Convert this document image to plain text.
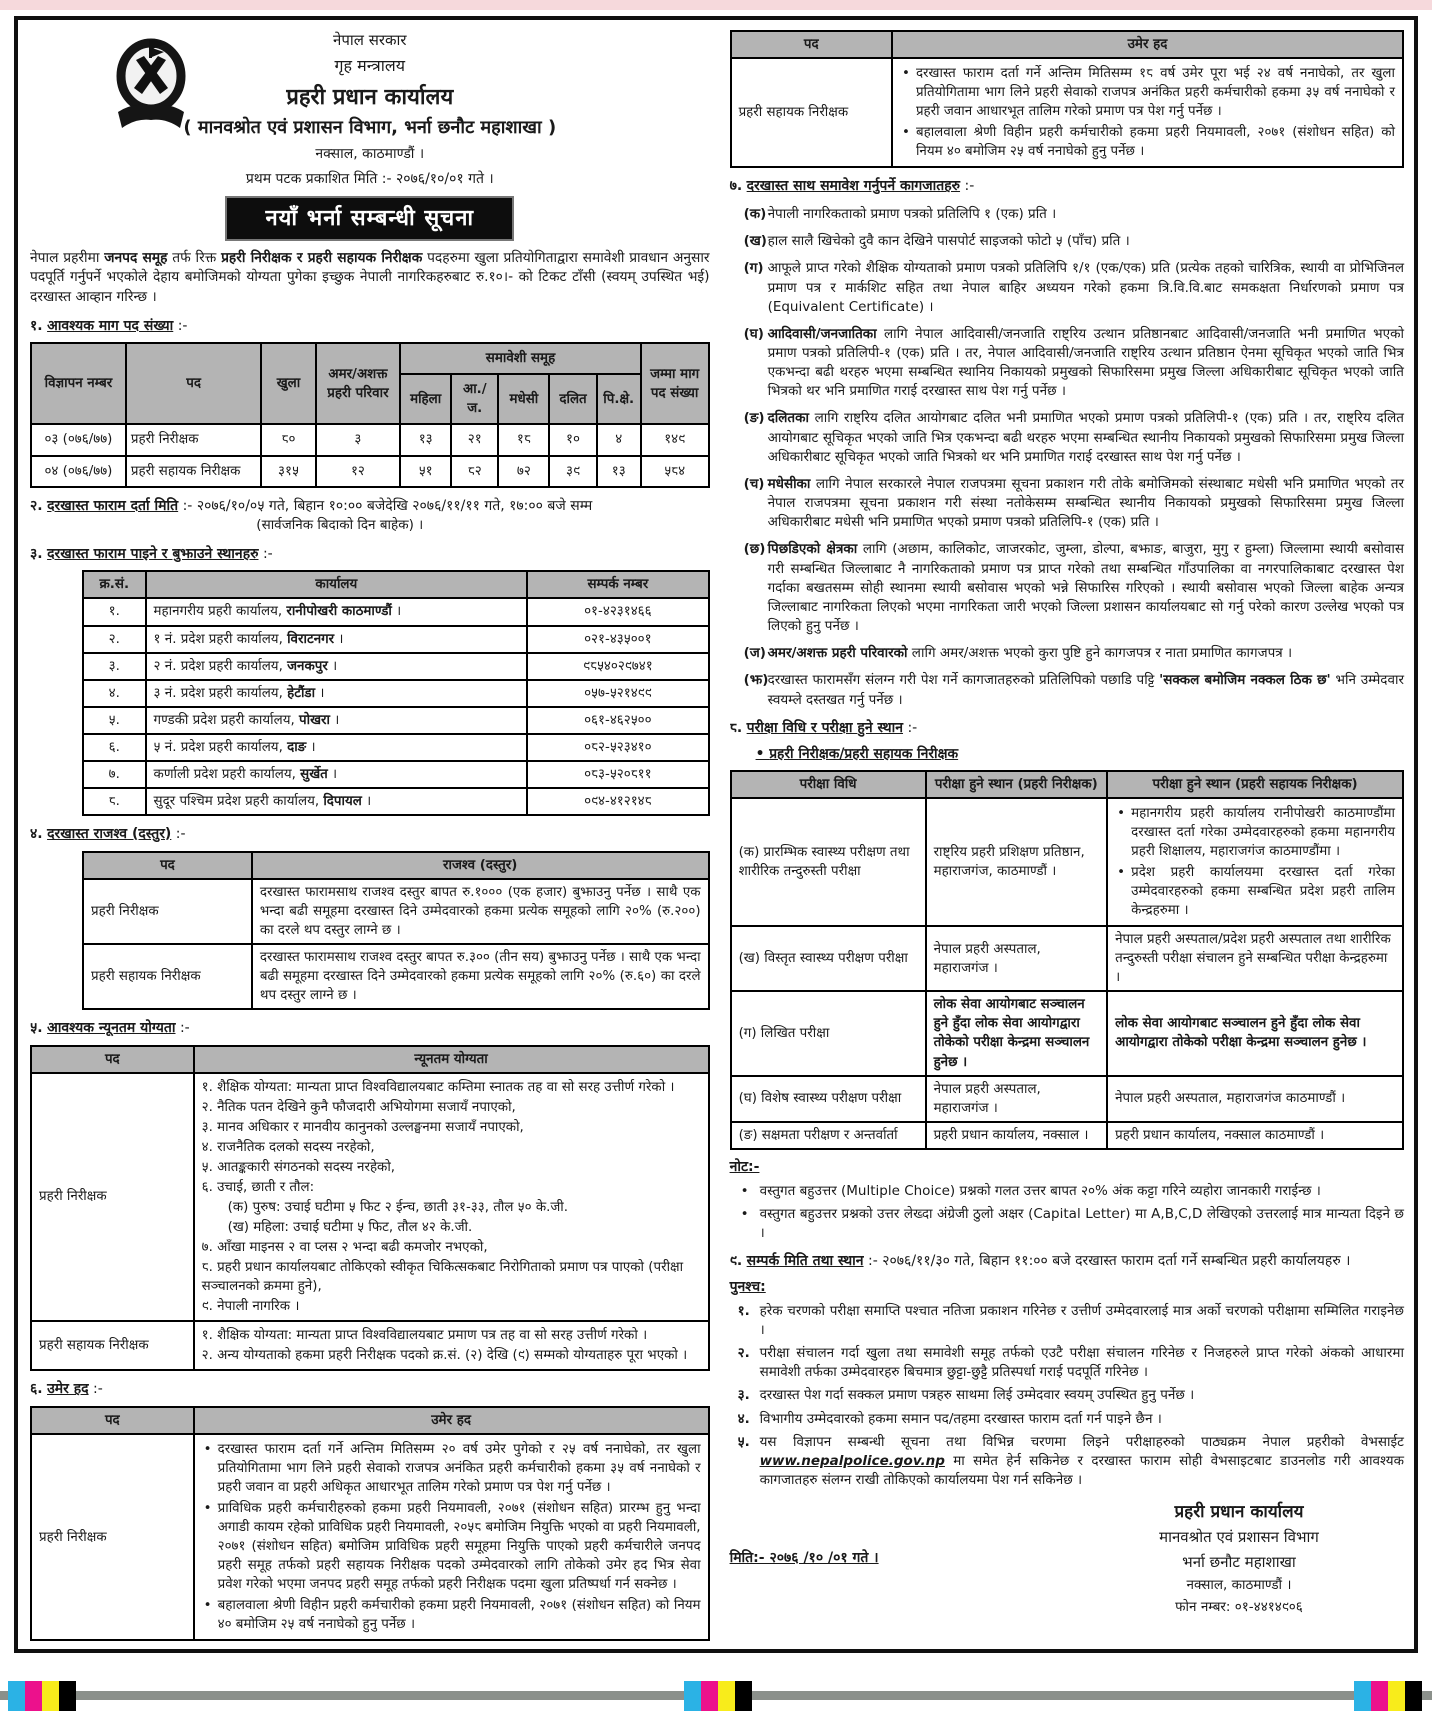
नेपाल सरकार
गृह मन्त्रालय
प्रहरी प्रधान कार्यालय
( मानवश्रोत एवं प्रशासन विभाग, भर्ना छनौट महाशाखा )
नक्साल, काठमाण्डौं ।
प्रथम पटक प्रकाशित मिति :- २०७६/१०/०१ गते ।
नयाँ भर्ना सम्बन्धी सूचना

नेपाल प्रहरीमा जनपद समूह तर्फ रिक्त प्रहरी निरीक्षक र प्रहरी सहायक निरीक्षक पदहरुमा खुला प्रतियोगिताद्वारा समावेशी प्रावधान अनुसार पदपूर्ति गर्नुपर्ने भएकोले देहाय बमोजिमको योग्यता पुगेका इच्छुक नेपाली नागरिकहरुबाट रु.१०।- को टिकट टाँसी (स्वयम् उपस्थित भई) दरखास्त आव्हान गरिन्छ ।

१. आवश्यक माग पद संख्या :-
विज्ञापन नम्बर	पद	खुला	अमर/अशक्त प्रहरी परिवार	समावेशी समूह					जम्मा माग पद संख्या
				महिला	आ./ज.	मधेसी	दलित	पि.क्षे.	
०३ (०७६/७७)	प्रहरी निरीक्षक	८०	३	१३	२१	१८	१०	४	१४९
०४ (०७६/७७)	प्रहरी सहायक निरीक्षक	३१५	१२	५१	८२	७२	३९	१३	५८४
२. दरखास्त फाराम दर्ता मिति :- २०७६/१०/०५ गते, बिहान १०:०० बजेदेखि २०७६/११/११ गते, १७:०० बजे सम्म
(सार्वजनिक बिदाको दिन बाहेक) ।
३. दरखास्त फाराम पाइने र बुझाउने स्थानहरु :-
क्र.सं.	कार्यालय	सम्पर्क नम्बर
१.	महानगरीय प्रहरी कार्यालय, रानीपोखरी काठमाण्डौं ।	०१-४२३१४६६
२.	१ नं. प्रदेश प्रहरी कार्यालय, विराटनगर ।	०२१-४३५००१
३.	२ नं. प्रदेश प्रहरी कार्यालय, जनकपुर ।	९८५४०२९७४१
४.	३ नं. प्रदेश प्रहरी कार्यालय, हेटौंडा ।	०५७-५२१४९९
५.	गण्डकी प्रदेश प्रहरी कार्यालय, पोखरा ।	०६१-४६२५००
६.	५ नं. प्रदेश प्रहरी कार्यालय, दाङ ।	०८२-५२३४१०
७.	कर्णाली प्रदेश प्रहरी कार्यालय, सुर्खेत ।	०८३-५२०८११
८.	सुदूर पश्चिम प्रदेश प्रहरी कार्यालय, दिपायल ।	०९४-४१२१४८
४. दरखास्त राजश्व (दस्तुर) :-
पद	राजश्व (दस्तुर)
प्रहरी निरीक्षक	दरखास्त फारामसाथ राजश्व दस्तुर बापत रु.१००० (एक हजार) बुझाउनु पर्नेछ । साथै एक भन्दा बढी समूहमा दरखास्त दिने उम्मेदवारको हकमा प्रत्येक समूहको लागि २०% (रु.२००) का दरले थप दस्तुर लाग्ने छ ।
प्रहरी सहायक निरीक्षक	दरखास्त फारामसाथ राजश्व दस्तुर बापत रु.३०० (तीन सय) बुझाउनु पर्नेछ । साथै एक भन्दा बढी समूहमा दरखास्त दिने उम्मेदवारको हकमा प्रत्येक समूहको लागि २०% (रु.६०) का दरले थप दस्तुर लाग्ने छ ।
५. आवश्यक न्यूनतम योग्यता :-
पद	न्यूनतम योग्यता
प्रहरी निरीक्षक	
१. शैक्षिक योग्यता: मान्यता प्राप्त विश्वविद्यालयबाट कम्तिमा स्नातक तह वा सो सरह उत्तीर्ण गरेको ।
२. नैतिक पतन देखिने कुनै फौजदारी अभियोगमा सजायँ नपाएको,
३. मानव अधिकार र मानवीय कानुनको उल्लङ्घनमा सजायँ नपाएको,
४. राजनैतिक दलको सदस्य नरहेको,
५. आतङ्ककारी संगठनको सदस्य नरहेको,
६. उचाई, छाती र तौल:
(क) पुरुष: उचाई घटीमा ५ फिट २ ईन्च, छाती ३१-३३, तौल ५० के.जी.
(ख) महिला: उचाई घटीमा ५ फिट, तौल ४२ के.जी.
७. आँखा माइनस २ वा प्लस २ भन्दा बढी कमजोर नभएको,
८. प्रहरी प्रधान कार्यालयबाट तोकिएको स्वीकृत चिकित्सकबाट निरोगिताको प्रमाण पत्र पाएको (परीक्षा सञ्चालनको क्रममा हुने),
९. नेपाली नागरिक ।

प्रहरी सहायक निरीक्षक	१. शैक्षिक योग्यता: मान्यता प्राप्त विश्वविद्यालयबाट प्रमाण पत्र तह वा सो सरह उत्तीर्ण गरेको ।
२. अन्य योग्यताको हकमा प्रहरी निरीक्षक पदको क्र.सं. (२) देखि (९) सम्मको योग्यताहरु पूरा भएको ।
६. उमेर हद :-
पद	उमेर हद
प्रहरी निरीक्षक	
• दरखास्त फाराम दर्ता गर्ने अन्तिम मितिसम्म २० वर्ष उमेर पुगेको र २५ वर्ष ननाघेको, तर खुला प्रतियोगितामा भाग लिने प्रहरी सेवाको राजपत्र अनंकित प्रहरी कर्मचारीको हकमा ३५ वर्ष ननाघेको र प्रहरी जवान वा प्रहरी अधिकृत आधारभूत तालिम गरेको प्रमाण पत्र पेश गर्नु पर्नेछ ।
• प्राविधिक प्रहरी कर्मचारीहरुको हकमा प्रहरी नियमावली, २०७१ (संशोधन सहित) प्रारम्भ हुनु भन्दा अगाडी कायम रहेको प्राविधिक प्रहरी नियमावली, २०५८ बमोजिम नियुक्ति भएको वा प्रहरी नियमावली, २०७१ (संशोधन सहित) बमोजिम प्राविधिक प्रहरी समूहमा नियुक्ति पाएको प्रहरी कर्मचारीले जनपद प्रहरी समूह तर्फको प्रहरी सहायक निरीक्षक पदको उम्मेदवारको लागि तोकेको उमेर हद भित्र सेवा प्रवेश गरेको भएमा जनपद प्रहरी समूह तर्फको प्रहरी निरीक्षक पदमा खुला प्रतिष्पर्धा गर्न सक्नेछ ।
• बहालवाला श्रेणी विहीन प्रहरी कर्मचारीको हकमा प्रहरी नियमावली, २०७१ (संशोधन सहित) को नियम ४० बमोजिम २५ वर्ष ननाघेको हुनु पर्नेछ ।
पद	उमेर हद
प्रहरी सहायक निरीक्षक	
• दरखास्त फाराम दर्ता गर्ने अन्तिम मितिसम्म १८ वर्ष उमेर पूरा भई २४ वर्ष ननाघेको, तर खुला प्रतियोगितामा भाग लिने प्रहरी सेवाको राजपत्र अनंकित प्रहरी कर्मचारीको हकमा ३५ वर्ष ननाघेको र प्रहरी जवान आधारभूत तालिम गरेको प्रमाण पत्र पेश गर्नु पर्नेछ ।
• बहालवाला श्रेणी विहीन प्रहरी कर्मचारीको हकमा प्रहरी नियमावली, २०७१ (संशोधन सहित) को नियम ४० बमोजिम २५ वर्ष ननाघेको हुनु पर्नेछ ।
७. दरखास्त साथ समावेश गर्नुपर्ने कागजातहरु :-
(क) नेपाली नागरिकताको प्रमाण पत्रको प्रतिलिपि १ (एक) प्रति ।
(ख) हाल सालै खिचेको दुवै कान देखिने पासपोर्ट साइजको फोटो ५ (पाँच) प्रति ।
(ग) आफूले प्राप्त गरेको शैक्षिक योग्यताको प्रमाण पत्रको प्रतिलिपि १/१ (एक/एक) प्रति (प्रत्येक तहको चारित्रिक, स्थायी वा प्रोभिजिनल प्रमाण पत्र र मार्कशिट सहित तथा नेपाल बाहिर अध्ययन गरेको हकमा त्रि.वि.वि.बाट समकक्षता निर्धारणको प्रमाण पत्र (Equivalent Certificate) ।
(घ) आदिवासी/जनजातिका लागि नेपाल आदिवासी/जनजाति राष्ट्रिय उत्थान प्रतिष्ठानबाट आदिवासी/जनजाति भनी प्रमाणित भएको प्रमाण पत्रको प्रतिलिपी-१ (एक) प्रति । तर, नेपाल आदिवासी/जनजाति राष्ट्रिय उत्थान प्रतिष्ठान ऐनमा सूचिकृत भएको जाति भित्र एकभन्दा बढी थरहरु भएमा सम्बन्धित स्थानिय निकायको प्रमुखको सिफारिसमा प्रमुख जिल्ला अधिकारीबाट सूचिकृत भएको जाति भित्रको थर भनि प्रमाणित गराई दरखास्त साथ पेश गर्नु पर्नेछ ।
(ङ) दलितका लागि राष्ट्रिय दलित आयोगबाट दलित भनी प्रमाणित भएको प्रमाण पत्रको प्रतिलिपी-१ (एक) प्रति । तर, राष्ट्रिय दलित आयोगबाट सूचिकृत भएको जाति भित्र एकभन्दा बढी थरहरु भएमा सम्बन्धित स्थानीय निकायको प्रमुखको सिफारिसमा प्रमुख जिल्ला अधिकारीबाट सूचिकृत भएको जाति भित्रको थर भनि प्रमाणित गराई दरखास्त साथ पेश गर्नु पर्नेछ ।
(च) मधेसीका लागि नेपाल सरकारले नेपाल राजपत्रमा सूचना प्रकाशन गरी तोके बमोजिमको संस्थाबाट मधेसी भनि प्रमाणित भएको तर नेपाल राजपत्रमा सूचना प्रकाशन गरी संस्था नतोकेसम्म सम्बन्धित स्थानीय निकायको प्रमुखको सिफारिसमा प्रमुख जिल्ला अधिकारीबाट मधेसी भनि प्रमाणित भएको प्रमाण पत्रको प्रतिलिपि-१ (एक) प्रति ।
(छ) पिछडिएको क्षेत्रका लागि (अछाम, कालिकोट, जाजरकोट, जुम्ला, डोल्पा, बझाङ, बाजुरा, मुगु र हुम्ला) जिल्लामा स्थायी बसोवास गरी सम्बन्धित जिल्लाबाट नै नागरिकताको प्रमाण पत्र प्राप्त गरेको तथा सम्बन्धित गाँउपालिका वा नगरपालिकाबाट दरखास्त पेश गर्दाका बखतसम्म सोही स्थानमा स्थायी बसोवास भएको भन्ने सिफारिस गरिएको । स्थायी बसोवास भएको जिल्ला बाहेक अन्यत्र जिल्लाबाट नागरिकता लिएको भएमा नागरिकता जारी भएको जिल्ला प्रशासन कार्यालयबाट सो गर्नु परेको कारण उल्लेख भएको पत्र लिएको हुनु पर्नेछ ।
(ज) अमर/अशक्त प्रहरी परिवारको लागि अमर/अशक्त भएको कुरा पुष्टि हुने कागजपत्र र नाता प्रमाणित कागजपत्र ।
(झ) दरखास्त फारामसँग संलग्न गरी पेश गर्ने कागजातहरुको प्रतिलिपिको पछाडि पट्टि 'सक्कल बमोजिम नक्कल ठिक छ' भनि उम्मेदवार स्वयम्ले दस्तखत गर्नु पर्नेछ ।
८. परीक्षा विधि र परीक्षा हुने स्थान :-
• प्रहरी निरीक्षक/प्रहरी सहायक निरीक्षक
परीक्षा विधि	परीक्षा हुने स्थान (प्रहरी निरीक्षक)	परीक्षा हुने स्थान (प्रहरी सहायक निरीक्षक)
(क) प्रारम्भिक स्वास्थ्य परीक्षण तथा शारीरिक तन्दुरुस्ती परीक्षा	राष्ट्रिय प्रहरी प्रशिक्षण प्रतिष्ठान, महाराजगंज, काठमाण्डौं ।	
• महानगरीय प्रहरी कार्यालय रानीपोखरी काठमाण्डौंमा दरखास्त दर्ता गरेका उम्मेदवारहरुको हकमा महानगरीय प्रहरी शिक्षालय, महाराजगंज काठमाण्डौंमा ।
• प्रदेश प्रहरी कार्यालयमा दरखास्त दर्ता गरेका उम्मेदवारहरुको हकमा सम्बन्धित प्रदेश प्रहरी तालिम केन्द्रहरुमा ।

(ख) विस्तृत स्वास्थ्य परीक्षण परीक्षा	नेपाल प्रहरी अस्पताल, महाराजगंज ।	नेपाल प्रहरी अस्पताल/प्रदेश प्रहरी अस्पताल तथा शारीरिक तन्दुरुस्ती परीक्षा संचालन हुने सम्बन्धित परीक्षा केन्द्रहरुमा ।
(ग) लिखित परीक्षा	लोक सेवा आयोगबाट सञ्चालन हुने हुँदा लोक सेवा आयोगद्वारा तोकेको परीक्षा केन्द्रमा सञ्चालन हुनेछ ।	लोक सेवा आयोगबाट सञ्चालन हुने हुँदा लोक सेवा आयोगद्वारा तोकेको परीक्षा केन्द्रमा सञ्चालन हुनेछ ।
(घ) विशेष स्वास्थ्य परीक्षण परीक्षा	नेपाल प्रहरी अस्पताल, महाराजगंज ।	नेपाल प्रहरी अस्पताल, महाराजगंज काठमाण्डौं ।
(ङ) सक्षमता परीक्षण र अन्तर्वार्ता	प्रहरी प्रधान कार्यालय, नक्साल ।	प्रहरी प्रधान कार्यालय, नक्साल काठमाण्डौं ।
नोट:-
• वस्तुगत बहुउत्तर (Multiple Choice) प्रश्नको गलत उत्तर बापत २०% अंक कट्टा गरिने व्यहोरा जानकारी गराईन्छ ।
• वस्तुगत बहुउत्तर प्रश्नको उत्तर लेख्दा अंग्रेजी ठुलो अक्षर (Capital Letter) मा A,B,C,D लेखिएको उत्तरलाई मात्र मान्यता दिइने छ ।
९. सम्पर्क मिति तथा स्थान :- २०७६/११/३० गते, बिहान ११:०० बजे दरखास्त फाराम दर्ता गर्ने सम्बन्धित प्रहरी कार्यालयहरु ।
पुनश्च:
१. हरेक चरणको परीक्षा समाप्ति पश्चात नतिजा प्रकाशन गरिनेछ र उत्तीर्ण उम्मेदवारलाई मात्र अर्को चरणको परीक्षामा सम्मिलित गराइनेछ ।
२. परीक्षा संचालन गर्दा खुला तथा समावेशी समूह तर्फको एउटै परीक्षा संचालन गरिनेछ र निजहरुले प्राप्त गरेको अंकको आधारमा समावेशी तर्फका उम्मेदवारहरु बिचमात्र छुट्टा-छुट्टै प्रतिस्पर्धा गराई पदपूर्ति गरिनेछ ।
३. दरखास्त पेश गर्दा सक्कल प्रमाण पत्रहरु साथमा लिई उम्मेदवार स्वयम् उपस्थित हुनु पर्नेछ ।
४. विभागीय उम्मेदवारको हकमा समान पद/तहमा दरखास्त फाराम दर्ता गर्न पाइने छैन ।
५. यस विज्ञापन सम्बन्धी सूचना तथा विभिन्न चरणमा लिइने परीक्षाहरुको पाठ्यक्रम नेपाल प्रहरीको वेभसाईट www.nepalpolice.gov.np मा समेत हेर्न सकिनेछ र दरखास्त फाराम सोही वेभसाइटबाट डाउनलोड गरी आवश्यक कागजातहरु संलग्न राखी तोकिएको कार्यालयमा पेश गर्न सकिनेछ ।
मिति:- २०७६ /१० /०१ गते ।
प्रहरी प्रधान कार्यालय
मानवश्रोत एवं प्रशासन विभाग
भर्ना छनौट महाशाखा
नक्साल, काठमाण्डौं ।
फोन नम्बर: ०१-४४१४९०६
